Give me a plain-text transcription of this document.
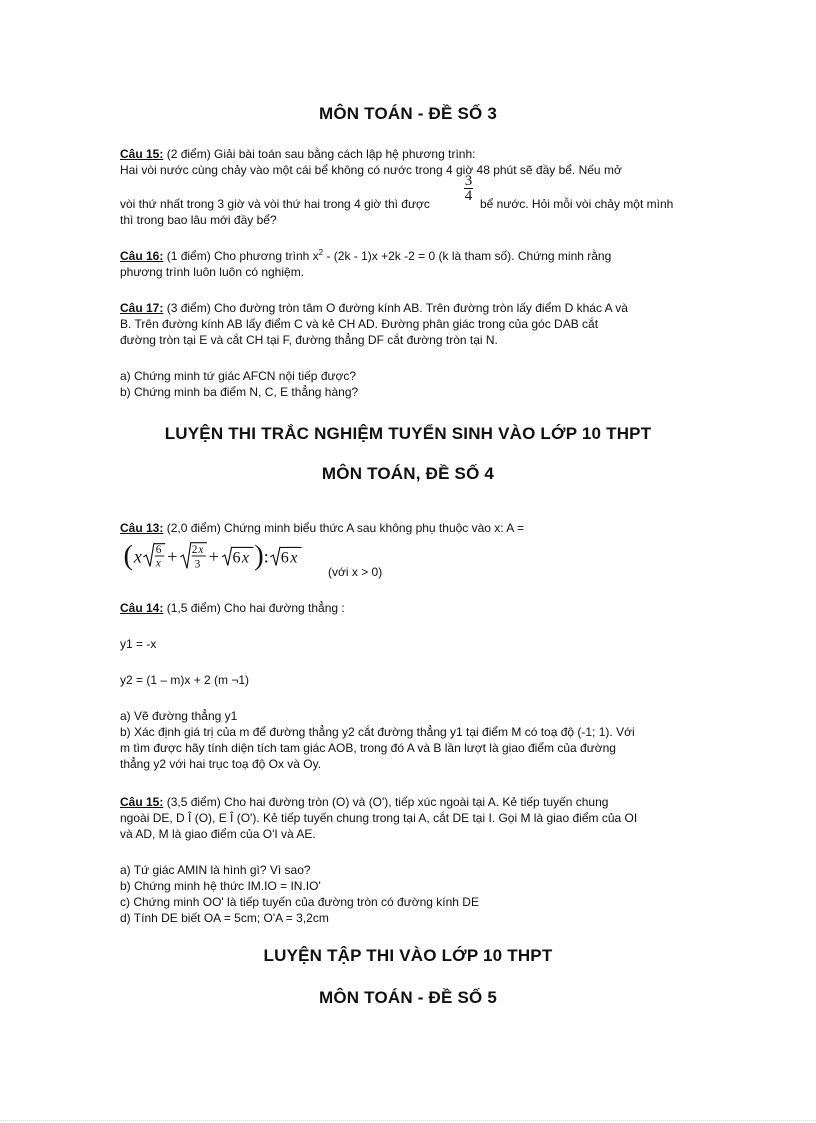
MÔN TOÁN - ĐỀ SỐ 3
Câu 15: (2 điểm) Giải bài toán sau bằng cách lập hệ phương trình:
Hai vòi nước cùng chảy vào một cái bể không có nước trong 4 giờ 48 phút sẽ đầy bể. Nếu mở
3
4
vòi thứ nhất trong 3 giờ và vòi thứ hai trong 4 giờ thì được	bể nước. Hỏi mỗi vòi chảy một mình
thì trong bao lâu mới đầy bể?
Câu 16: (1 điểm) Cho phương trình $x^2 - (2k - 1)x +2k$ -2 = 0 (k là tham số). Chứng minh rằng
phương trình luôn luôn có nghiệm.
Câu 17: (3 điểm) Cho đường tròn tâm O đường kính AB. Trên đường tròn lấy điểm D khác A và
B. Trên đường kính AB lấy điểm C và kẻ CH AD. Đường phân giác trong của góc DAB cắt
đường tròn tại E và cắt CH tại F, đường thẳng DF cắt đường tròn tại N.
a) Chứng minh tứ giác AFCN nội tiếp được?
b) Chứng minh ba điểm N, C, E thẳng hàng?
LUYỆN THI TRẮC NGHIỆM TUYỂN SINH VÀO LỚP 10 THPT
MÔN TOÁN, ĐỀ SỐ 4
Câu 13: (2,0 điểm) Chứng minh biểu thức A sau không phụ thuộc vào x: A =
( x 6
x + 2 x
3 + 6 x ) : 6 x
(với x > 0)
Câu 14: (1,5 điểm) Cho hai đường thẳng :
y1 = -x
y2 = (1 – m)x + 2 (m ¬1)
a) Vẽ đường thẳng y1
b) Xác định giá trị của m để đường thẳng y2 cắt đường thẳng y1 tại điểm M có toạ độ (-1; 1). Với
m tìm được hãy tính diện tích tam giác AOB, trong đó A và B lần lượt là giao điểm của đường
thẳng y2 với hai trục toạ độ Ox và Oy.
Câu 15: (3,5 điểm) Cho hai đường tròn (O) và (O'), tiếp xúc ngoài tại A. Kẻ tiếp tuyến chung
ngoài DE, D Î (O), E Î (O'). Kẻ tiếp tuyến chung trong tại A, cắt DE tại I. Gọi M là giao điểm của OI
và AD, M là giao điểm của O'I và AE.
a) Tứ giác AMIN là hình gì? Vì sao?
b) Chứng minh hệ thức IM.IO = IN.IO'
c) Chứng minh OO' là tiếp tuyến của đường tròn có đường kính DE
d) Tính DE biết OA = 5cm; O'A = 3,2cm
LUYỆN TẬP THI VÀO LỚP 10 THPT
MÔN TOÁN - ĐỀ SỐ 5
